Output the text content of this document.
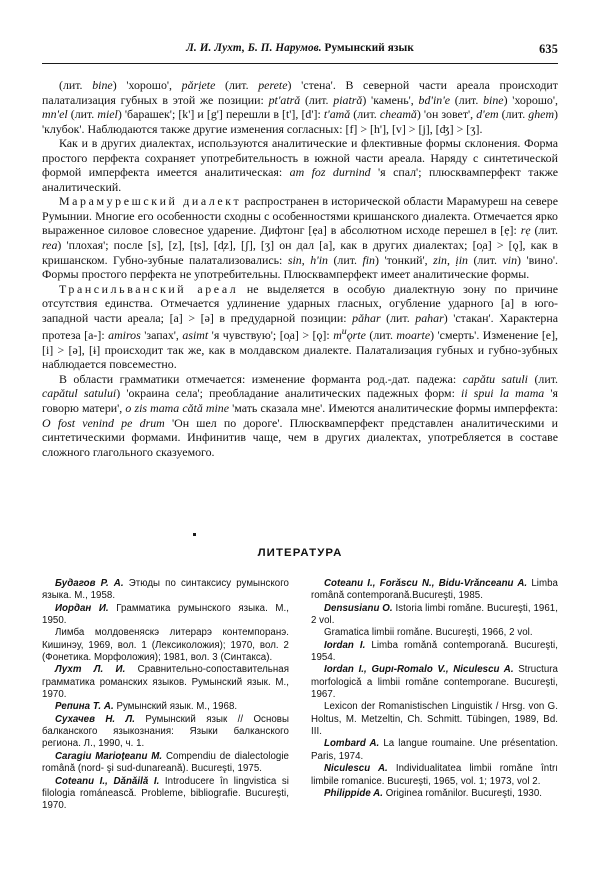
Л. И. Лухт, Б. П. Нарумов. Румынский язык	635

(лит. bine) 'хорошо', pǎrịete (лит. perete) 'стена'. В северной части ареала происходит палатализация губных в этой же позиции: pt'atrǎ (лит. piatrǎ) 'камень', bd'in'e (лит. bine) 'хорошо', mn'el (лит. miel) 'барашек'; [k'] и [g'] перешли в [t'], [d']: t'amǎ (лит. cheamǎ) 'он зовет', d'em (лит. ghem) 'клубок'. Наблюдаются также другие изменения согласных: [f] > [h'], [v] > [j], [ʤ] > [ʒ].

Как и в других диалектах, используются аналитические и флективные формы склонения. Форма простого перфекта сохраняет употребительность в южной части ареала. Наряду с синтетической формой имперфекта имеется аналитическая: am foz durnind 'я спал'; плюсквамперфект также аналитический.

Марамурешский диалект распространен в исторической области Марамуреш на севере Румынии. Многие его особенности сходны с особенностями кришанского диалекта. Отмечается ярко выраженное силовое словесное ударение. Дифтонг [ẹa] в абсолютном исходе перешел в [ẹ]: rẹ (лит. rea) 'плохая'; после [s], [z], [țs], [d̦z], [ʃ], [ʒ] он дал [a], как в других диалектах; [o̦a] > [ǫ], как в кришанском. Губно-зубные палатализовались: sin, h'in (лит. fin) 'тонкий', zin, ịin (лит. vin) 'вино'. Формы простого перфекта не употребительны. Плюсквамперфект имеет аналитические формы.

Трансильванский ареал не выделяется в особую диалектную зону по причине отсутствия единства. Отмечается удлинение ударных гласных, огубление ударного [a] в юго-западной части ареала; [a] > [ə] в предударной позиции: pǎhar (лит. pahar) 'стакан'. Характерна протеза [a-]: amiros 'запах', asimt 'я чувствую'; [o̦a] > [ǫ]: $m^uǫrte$ (лит. moarte) 'смерть'. Изменение [e], [i] > [ə], [ɨ] происходит так же, как в молдавском диалекте. Палатализация губных и губно-зубных наблюдается повсеместно.

В области грамматики отмечается: изменение форманта род.-дат. падежа: capǎtu satuli (лит. capǎtul satului) 'окраина села'; преобладание аналитических падежных форм: ii spui la mama 'я говорю матери', o zis mama cǎtǎ mine 'мать сказала мне'. Имеются аналитические формы имперфекта: O fost venind pe drum 'Он шел по дороге'. Плюсквамперфект представлен аналитическими и синтетическими формами. Инфинитив чаще, чем в других диалектах, употребляется в составе сложного глагольного сказуемого.

ЛИТЕРАТУРА

Будагов Р. А. Этюды по синтаксису румынского языка. М., 1958.

Иордан И. Грамматика румынского языка. М., 1950.

Лимба молдовеняскэ литерарэ контемпоранэ. Кишинэу, 1969, вол. 1 (Лексиколожия); 1970, вол. 2 (Фонетика. Морфоложия); 1981, вол. 3 (Синтакса).

Лухт Л. И. Сравнительно-сопоставительная грамматика романских языков. Румынский язык. М., 1970.

Репина Т. А. Румынский язык. М., 1968.

Сухачев Н. Л. Румынский язык // Основы балканского языкознания: Языки балканского региона. Л., 1990, ч. 1.

Caragiu Marioțeanu M. Compendiu de dialectologie română (nord- şi sud-dunareană). Bucureşti, 1975.

Coteanu I., Dǎnǎilǎ I. Introducere în lingvistica si filologia románeascǎ. Probleme, bibliografie. Bucureşti, 1970.

Coteanu I., Forǎscu N., Bidu-Vrǎnceanu A. Limba română contemporană.Bucureşti, 1985.

Densusianu O. Istoria limbi romǎne. Bucureşti, 1961, 2 vol.

Gramatica limbii romǎne. Bucureşti, 1966, 2 vol.

Iordan I. Limba romǎnǎ contemporanǎ. Bucureşti, 1954.

Iordan I., Gupı-Romalo V., Niculescu A. Structura morfologicǎ a limbii romǎne contemporane. Bucureşti, 1967.

Lexicon der Romanistischen Linguistik / Hrsg. von G. Holtus, M. Metzeltin, Ch. Schmitt. Tübingen, 1989, Bd. III.

Lombard A. La langue roumaine. Une présentation. Paris, 1974.

Niculescu A. Individualitatea limbii romǎne întrı limbile romanice. Bucureşti, 1965, vol. 1; 1973, vol 2.

Philippide A. Originea romǎnilor. Bucureşti, 1930.
